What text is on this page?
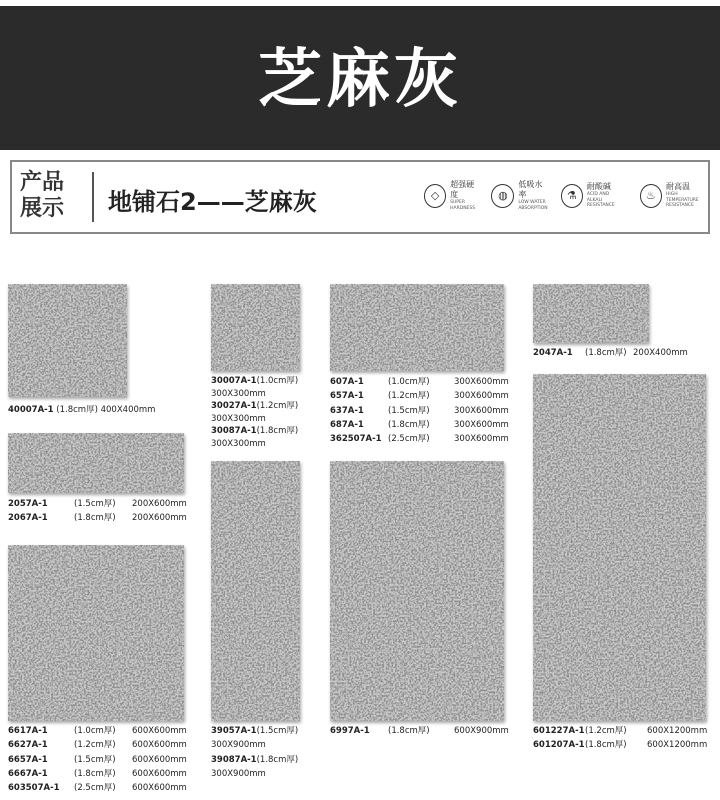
芝麻灰
产品
展示	地铺石2——芝麻灰	◇
超强硬度
SUPER
HARDNESS
◍
低吸水率
LOW WATER
ABSORPTION
⚗
耐酸碱
ACID AND
ALKALI RESISTANCE
♨
耐高温
HIGH TEMPERATURE
RESISTANCE
40007A-1 (1.8cm厚) 400X400mm
2057A-1	(1.5cm厚) 200X600mm
2067A-1	(1.8cm厚) 200X600mm
6617A-1	(1.0cm厚) 600X600mm
6627A-1	(1.2cm厚) 600X600mm
6657A-1	(1.5cm厚) 600X600mm
6667A-1	(1.8cm厚) 600X600mm
603507A-1 (2.5cm厚) 600X600mm
30007A-1(1.0cm厚)
300X300mm
30027A-1(1.2cm厚)
300X300mm
30087A-1(1.8cm厚)
300X300mm
39057A-1(1.5cm厚)
300X900mm
39087A-1(1.8cm厚)
300X900mm
607A-1	(1.0cm厚)	300X600mm
657A-1	(1.2cm厚)	300X600mm
637A-1	(1.5cm厚)	300X600mm
687A-1	(1.8cm厚)	300X600mm
362507A-1 (2.5cm厚)	300X600mm
6997A-1 (1.8cm厚)	600X900mm
2047A-1 (1.8cm厚) 200X400mm
601227A-1(1.2cm厚) 600X1200mm
601207A-1(1.8cm厚) 600X1200mm
